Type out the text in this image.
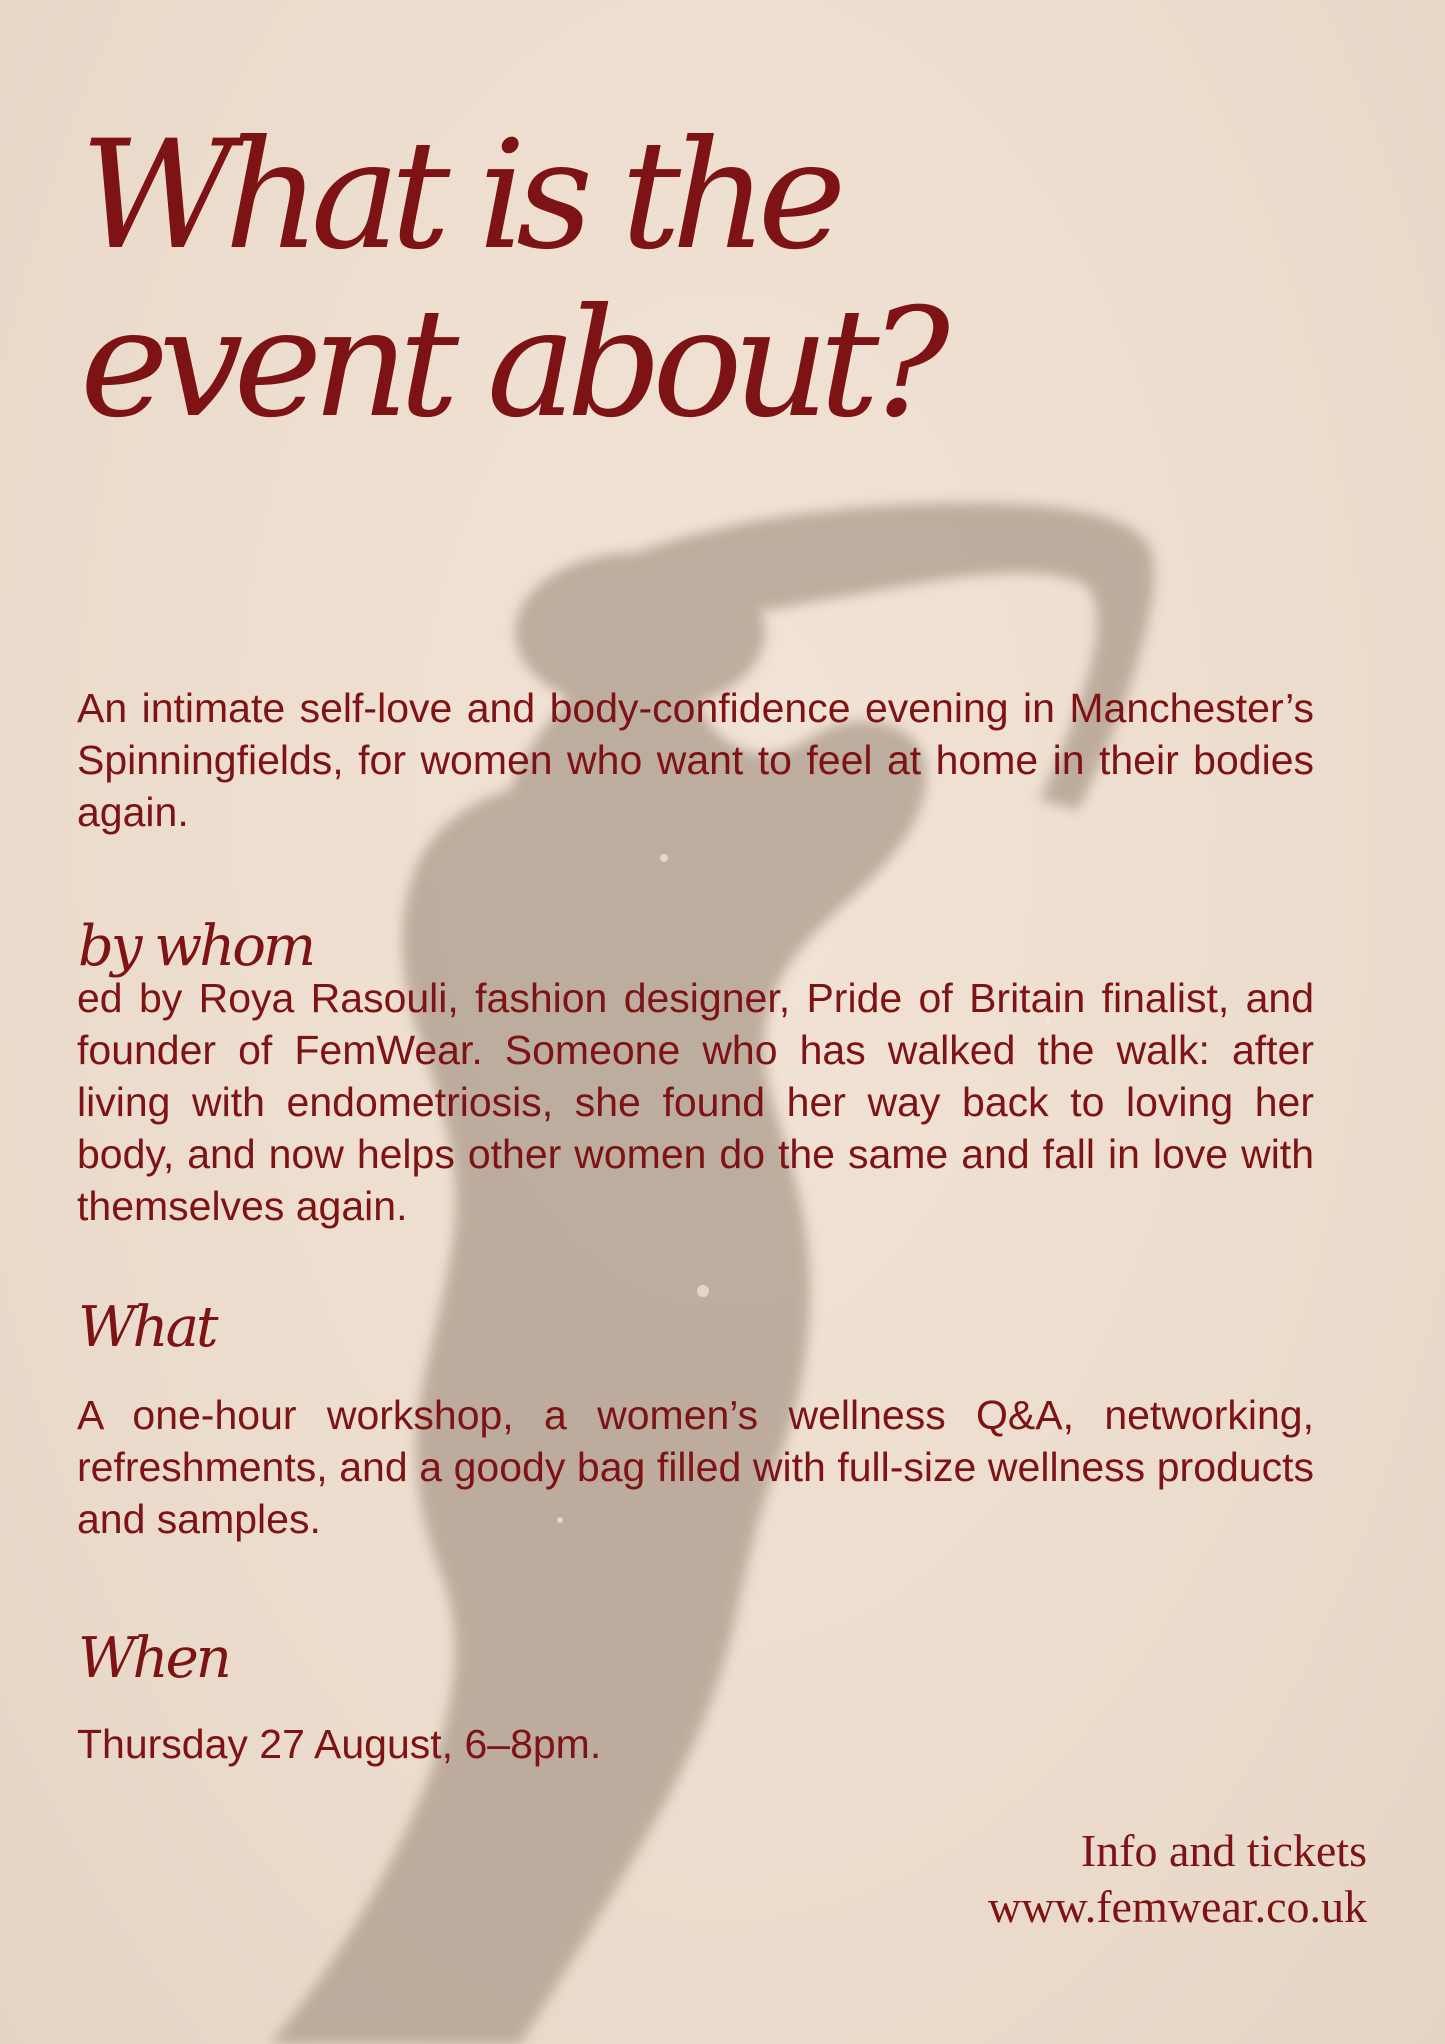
What is the
event about?

An intimate self-love and body-confidence evening in Manchester’s Spinningfields, for women who want to feel at home in their bodies again.

by whom

ed by Roya Rasouli, fashion designer, Pride of Britain finalist, and founder of FemWear. Someone who has walked the walk: after living with endometriosis, she found her way back to loving her body, and now helps other women do the same and fall in love with themselves again.

What

A one-hour workshop, a women’s wellness Q&A, networking, refreshments, and a goody bag filled with full-size wellness products and samples.

When

Thursday 27 August, 6–8pm.

Info and tickets
www.femwear.co.uk
